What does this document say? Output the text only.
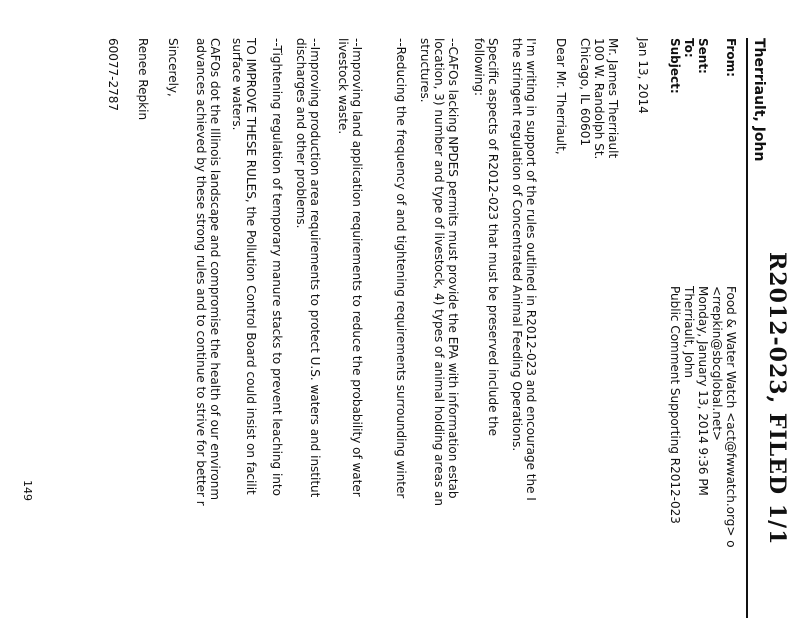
R2012-023, FILED 1/1
Therriault, John
From:
Food & Water Watch <act@fwwatch.org> o
<rrepkin@sbcglobal.net>
Sent:
Monday, January 13, 2014 9:36 PM
To:
Therriault, John
Subject:
Public Comment Supporting R2012-023
Jan 13, 2014
Mr. James Therriault
100 W. Randolph St.
Chicago, IL 60601
Dear Mr. Therriault,
I'm writing in support of the rules outlined in R2012-023 and encourage the I
the stringent regulation of Concentrated Animal Feeding Operations.
Specific aspects of R2012-023 that must be preserved include the
following:
--CAFOs lacking NPDES permits must provide the EPA with information estab
location, 3) number and type of livestock, 4) types of animal holding areas an
structures.
--Reducing the frequency of and tightening requirements surrounding winter
--Improving land application requirements to reduce the probability of water
livestock waste.
--Improving production area requirements to protect U.S. waters and institut
discharges and other problems.
--Tightening regulation of temporary manure stacks to prevent leaching into
TO IMPROVE THESE RULES, the Pollution Control Board could insist on facilit
surface waters.
CAFOs dot the Illinois landscape and compromise the health of our environm
advances achieved by these strong rules and to continue to strive for better r
Sincerely,
Renee Repkin
60077-2787
149
